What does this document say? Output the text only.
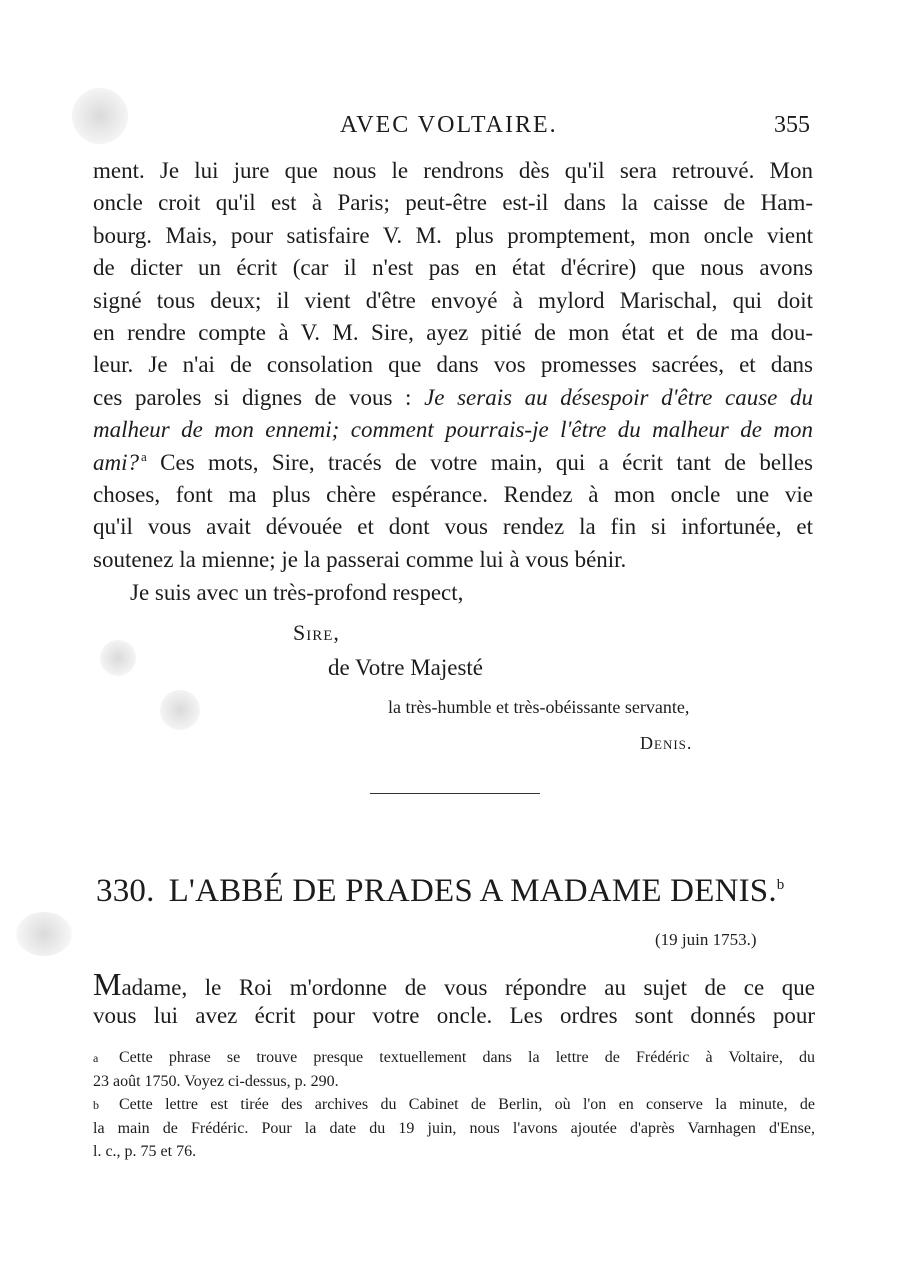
AVEC VOLTAIRE.	355
ment. Je lui jure que nous le rendrons dès qu'il sera retrouvé. Mon
oncle croit qu'il est à Paris; peut-être est-il dans la caisse de Ham-
bourg. Mais, pour satisfaire V. M. plus promptement, mon oncle vient
de dicter un écrit (car il n'est pas en état d'écrire) que nous avons
signé tous deux; il vient d'être envoyé à mylord Marischal, qui doit
en rendre compte à V. M. Sire, ayez pitié de mon état et de ma dou-
leur. Je n'ai de consolation que dans vos promesses sacrées, et dans
ces paroles si dignes de vous : Je serais au désespoir d'être cause du
malheur de mon ennemi; comment pourrais-je l'être du malheur de mon
ami? $^a$ Ces mots, Sire, tracés de votre main, qui a écrit tant de belles
choses, font ma plus chère espérance. Rendez à mon oncle une vie
qu'il vous avait dévouée et dont vous rendez la fin si infortunée, et
soutenez la mienne; je la passerai comme lui à vous bénir.
Je suis avec un très-profond respect,
Sire,
de Votre Majesté
la très-humble et très-obéissante servante,
Denis.
330. L'ABBÉ DE PRADES A MADAME DENIS.$^b$
(19 juin 1753.)
Madame, le Roi m'ordonne de vous répondre au sujet de ce que
vous lui avez écrit pour votre oncle. Les ordres sont donnés pour
a Cette phrase se trouve presque textuellement dans la lettre de Frédéric à Voltaire, du
23 août 1750. Voyez ci-dessus, p. 290.
b Cette lettre est tirée des archives du Cabinet de Berlin, où l'on en conserve la minute, de
la main de Frédéric. Pour la date du 19 juin, nous l'avons ajoutée d'après Varnhagen d'Ense,
l. c., p. 75 et 76.
